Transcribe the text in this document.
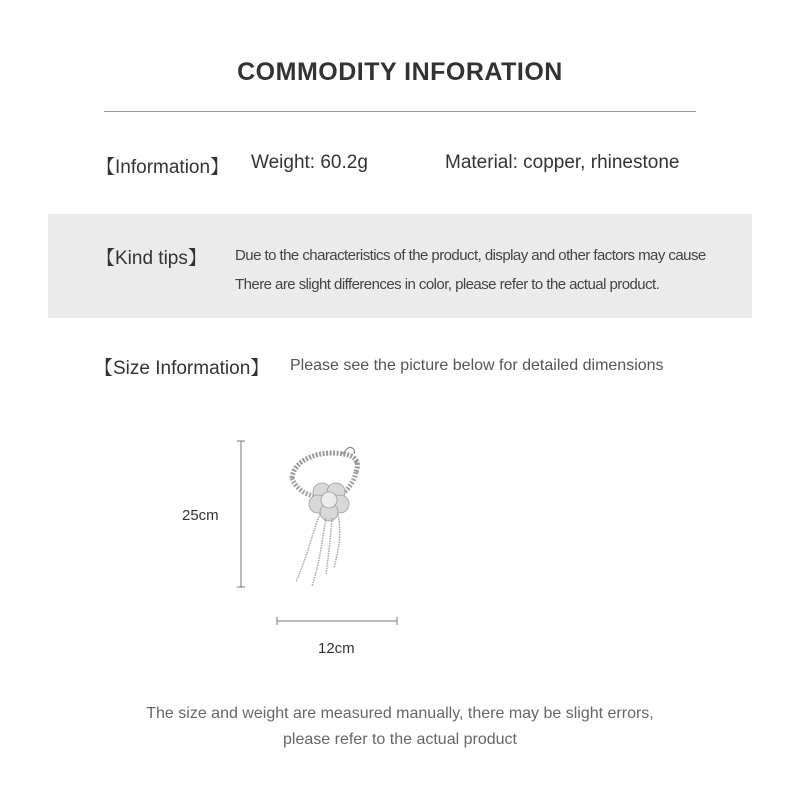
COMMODITY INFORATION
【Information】 Weight: 60.2g	Material: copper, rhinestone
【Kind tips】 Due to the characteristics of the product, display and other factors may cause
There are slight differences in color, please refer to the actual product.
【Size Information】 Please see the picture below for detailed dimensions
25cm
12cm
The size and weight are measured manually, there may be slight errors,
please refer to the actual product
